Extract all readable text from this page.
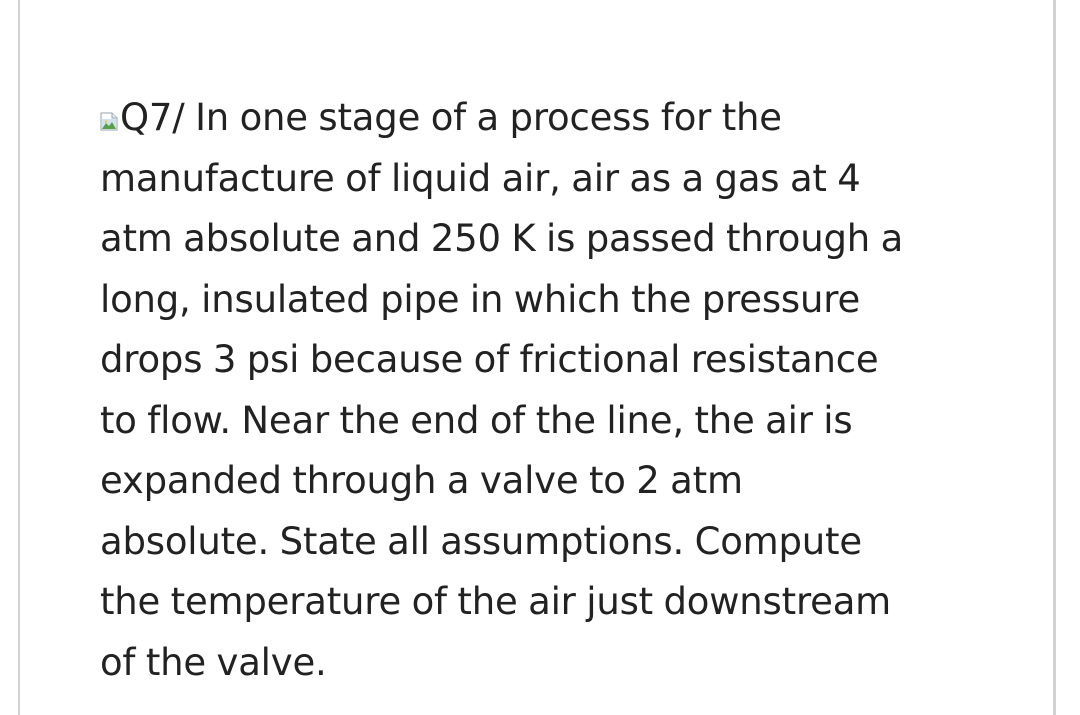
Q7/ In one stage of a process for the
manufacture of liquid air, air as a gas at 4
atm absolute and 250 K is passed through a
long, insulated pipe in which the pressure
drops 3 psi because of frictional resistance
to flow. Near the end of the line, the air is
expanded through a valve to 2 atm
absolute. State all assumptions. Compute
the temperature of the air just downstream
of the valve.
